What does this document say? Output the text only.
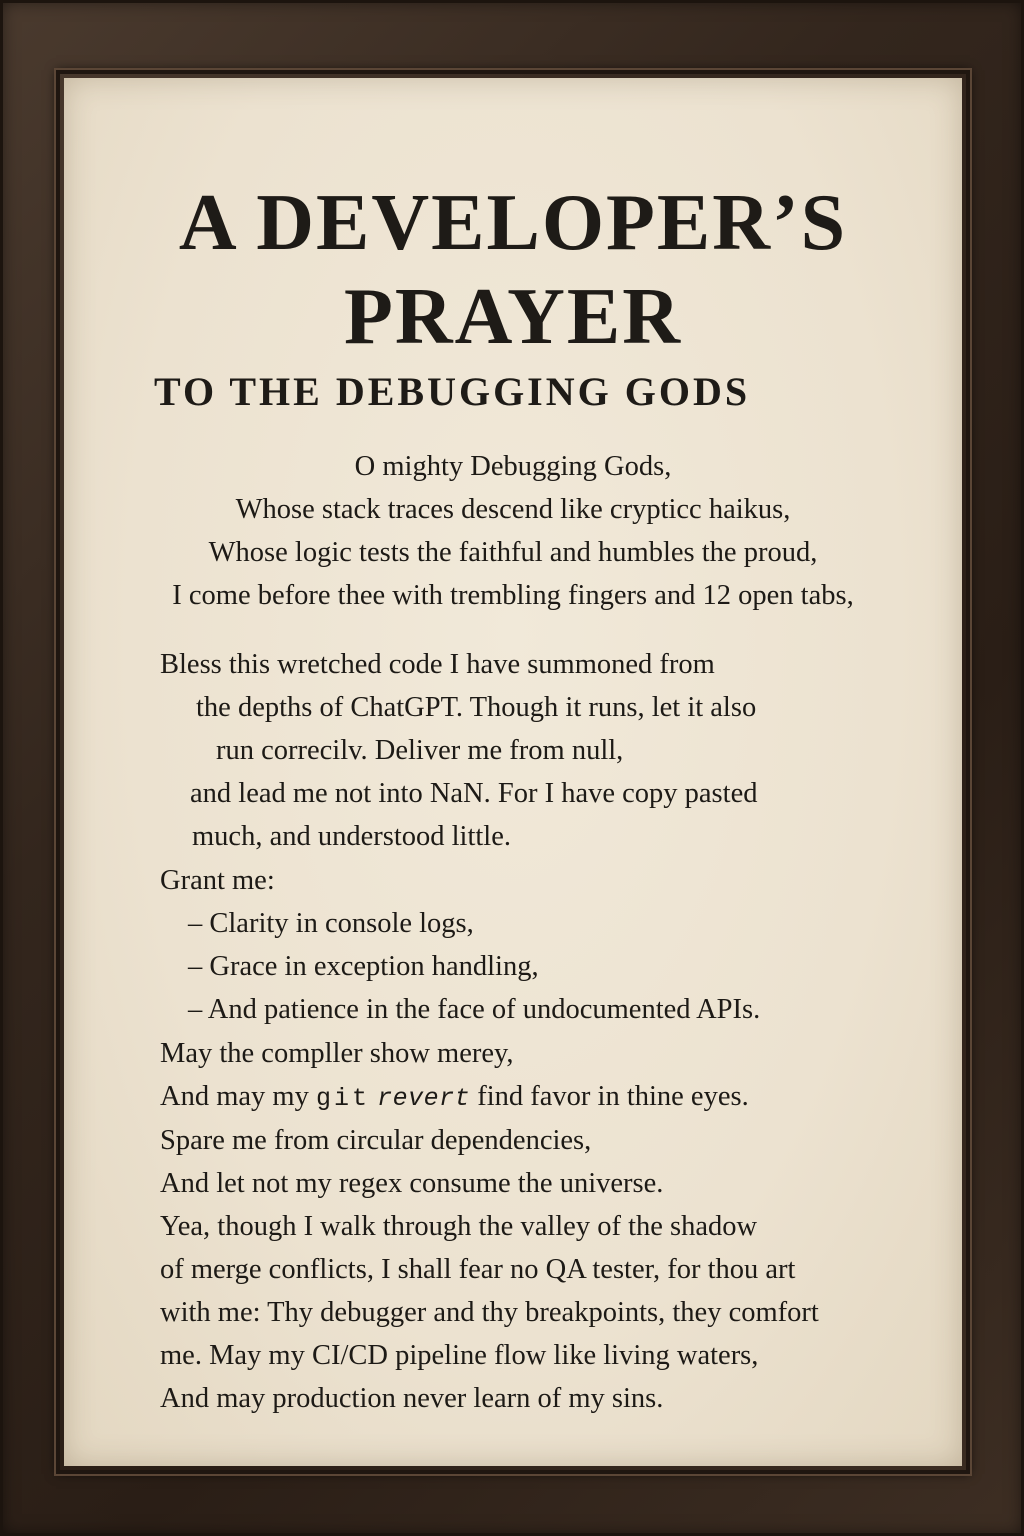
A DEVELOPER’S
PRAYER
TO THE DEBUGGING GODS
O mighty Debugging Gods,
Whose stack traces descend like crypticc haikus,
Whose logic tests the faithful and humbles the proud,
I come before thee with trembling fingers and 12 open tabs,
Bless this wretched code I have summoned from
the depths of ChatGPT. Though it runs, let it also
run correcilv. Deliver me from null,
and lead me not into NaN. For I have copy pasted
much, and understood little.
Grant me:
– Clarity in console logs,
– Grace in exception handling,
– And patience in the face of undocumented APIs.
May the compller show merey,
And may my git revert find favor in thine eyes.
Spare me from circular dependencies,
And let not my regex consume the universe.
Yea, though I walk through the valley of the shadow
of merge conflicts, I shall fear no QA tester, for thou art
with me: Thy debugger and thy breakpoints, they comfort
me. May my CI/CD pipeline flow like living waters,
And may production never learn of my sins.
